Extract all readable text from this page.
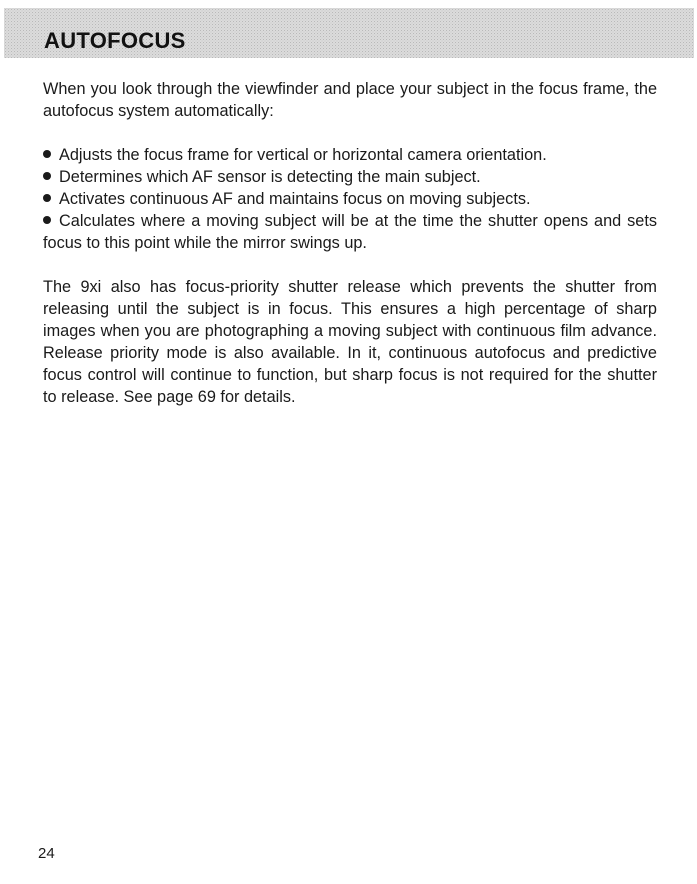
AUTOFOCUS

When you look through the viewfinder and place your subject in the focus frame, the autofocus system automatically:

Adjusts the focus frame for vertical or horizontal camera orientation.
Determines which AF sensor is detecting the main subject.
Activates continuous AF and maintains focus on moving subjects.
Calculates where a moving subject will be at the time the shutter opens and sets focus to this point while the mirror swings up.

The 9xi also has focus-priority shutter release which prevents the shutter from releasing until the subject is in focus. This ensures a high percentage of sharp images when you are photographing a moving subject with continuous film advance. Release priority mode is also available. In it, continuous autofocus and predictive focus control will continue to function, but sharp focus is not required for the shutter to release. See page 69 for details.

24
